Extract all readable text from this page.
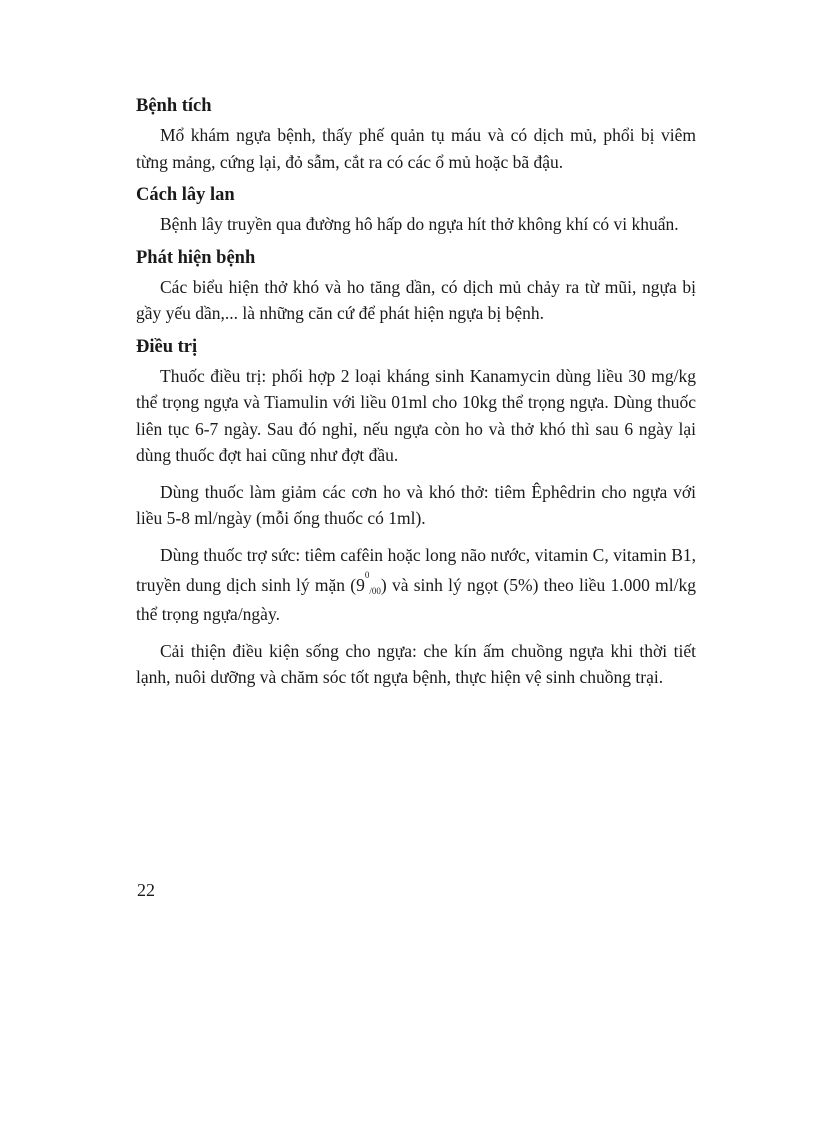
Bệnh tích

Mổ khám ngựa bệnh, thấy phế quản tụ máu và có dịch mủ, phổi bị viêm từng mảng, cứng lại, đỏ sẫm, cắt ra có các ổ mủ hoặc bã đậu.

Cách lây lan

Bệnh lây truyền qua đường hô hấp do ngựa hít thở không khí có vi khuẩn.

Phát hiện bệnh

Các biểu hiện thở khó và ho tăng dần, có dịch mủ chảy ra từ mũi, ngựa bị gầy yếu dần,... là những căn cứ để phát hiện ngựa bị bệnh.

Điều trị

Thuốc điều trị: phối hợp 2 loại kháng sinh Kanamycin dùng liều 30 mg/kg thể trọng ngựa và Tiamulin với liều 01ml cho 10kg thể trọng ngựa. Dùng thuốc liên tục 6-7 ngày. Sau đó nghỉ, nếu ngựa còn ho và thở khó thì sau 6 ngày lại dùng thuốc đợt hai cũng như đợt đầu.

Dùng thuốc làm giảm các cơn ho và khó thở: tiêm Êphêdrin cho ngựa với liều 5-8 ml/ngày (mỗi ống thuốc có 1ml).

Dùng thuốc trợ sức: tiêm cafêin hoặc long não nước, vitamin C, vitamin B1, truyền dung dịch sinh lý mặn $(9^0/00)$ và sinh lý ngọt (5%) theo liều 1.000 ml/kg thể trọng ngựa/ngày.

Cải thiện điều kiện sống cho ngựa: che kín ấm chuồng ngựa khi thời tiết lạnh, nuôi dưỡng và chăm sóc tốt ngựa bệnh, thực hiện vệ sinh chuồng trại.

22
